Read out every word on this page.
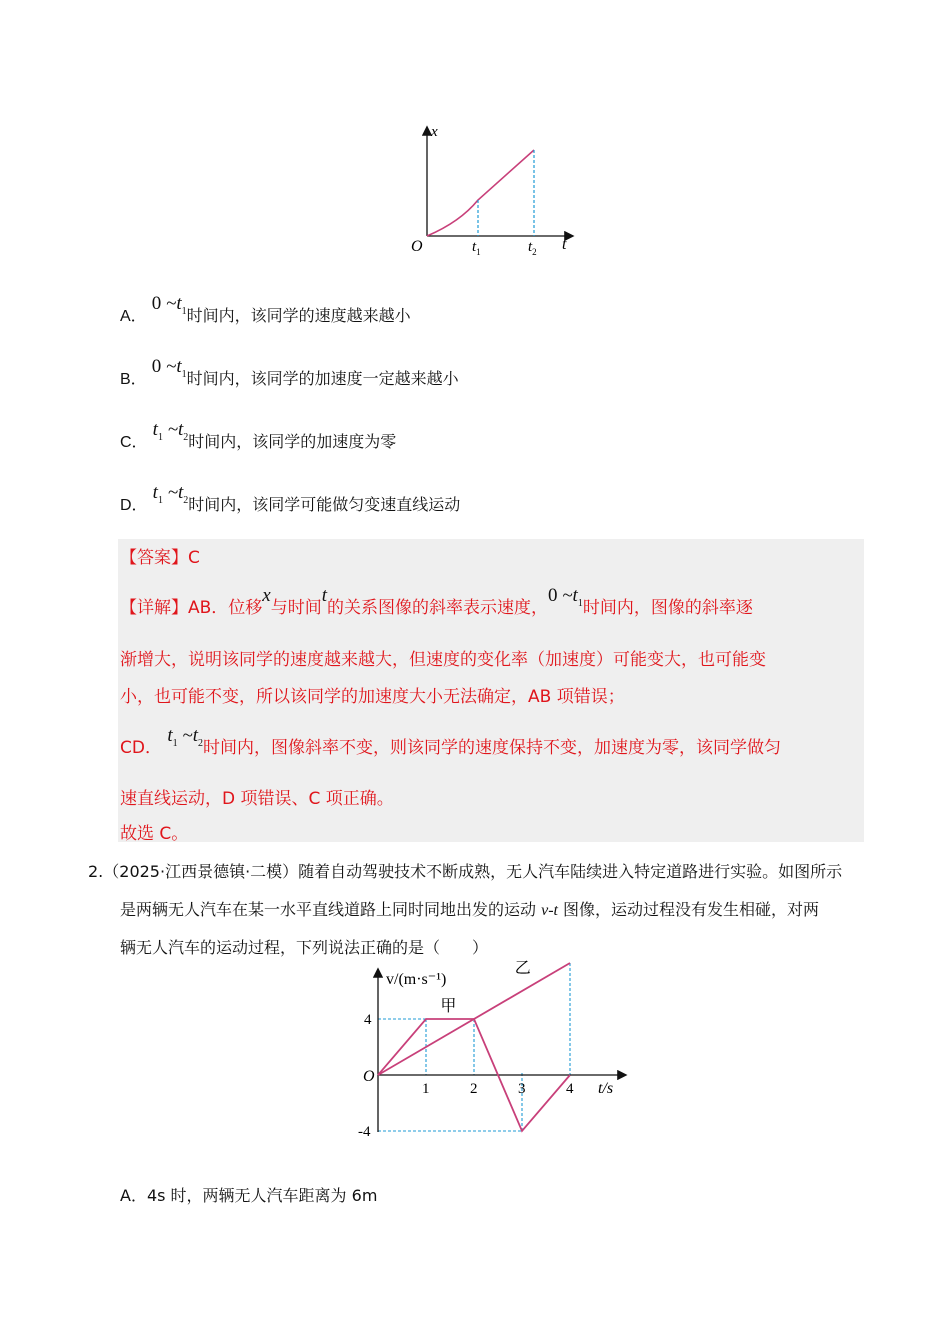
x
O	$t_1$	$t_2$ t
A． 0 $\sim t_1$时间内，该同学的速度越来越小
B． 0 $\sim t_1$时间内，该同学的加速度一定越来越小
C． $t_1$ $\sim t_2$时间内，该同学的加速度为零
D． $t_1$ $\sim t_2$时间内，该同学可能做匀变速直线运动
【答案】C
【详解】AB．位移x与时间t的关系图像的斜率表示速度，0 $\sim t_1$时间内，图像的斜率逐
渐增大，说明该同学的速度越来越大，但速度的变化率（加速度）可能变大，也可能变
小，也可能不变，所以该同学的加速度大小无法确定，AB 项错误；
CD． $t_1$ $\sim t_2$时间内，图像斜率不变，则该同学的速度保持不变，加速度为零，该同学做匀
速直线运动，D 项错误、C 项正确。
故选 C。
2.（2025·江西景德镇·二模）随着自动驾驶技术不断成熟，无人汽车陆续进入特定道路进行实验。如图所示
是两辆无人汽车在某一水平直线道路上同时同地出发的运动 v-t 图像，运动过程没有发生相碰，对两
辆无人汽车的运动过程，下列说法正确的是（　　）
甲
乙
1	2	3	4
4
-4
v/(m·s⁻¹)
t/s
O
A．4s 时，两辆无人汽车距离为 6m
